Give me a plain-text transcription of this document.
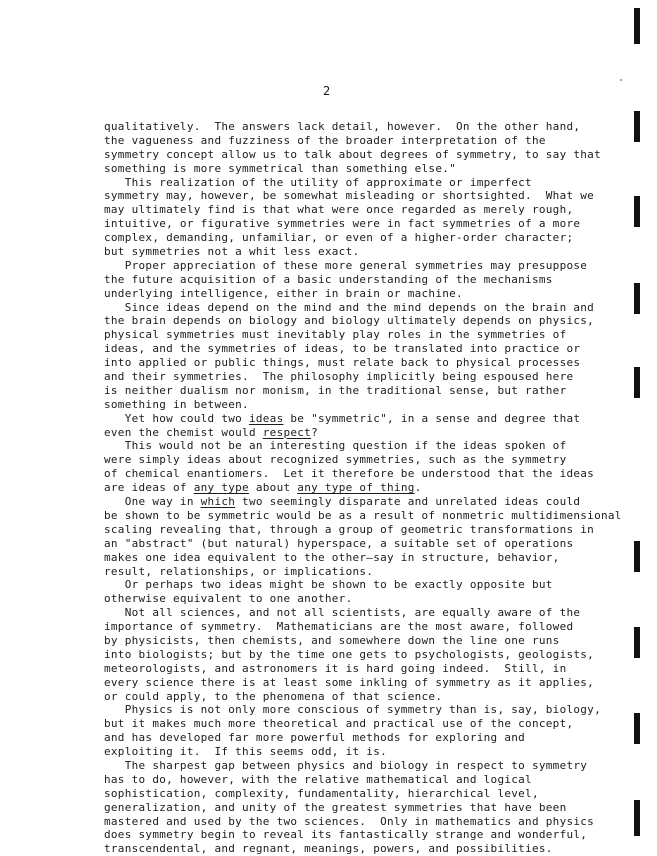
2
qualitatively.  The answers lack detail, however.  On the other hand,
the vagueness and fuzziness of the broader interpretation of the
symmetry concept allow us to talk about degrees of symmetry, to say that
something is more symmetrical than something else."
This realization of the utility of approximate or imperfect
symmetry may, however, be somewhat misleading or shortsighted.  What we
may ultimately find is that what were once regarded as merely rough,
intuitive, or figurative symmetries were in fact symmetries of a more
complex, demanding, unfamiliar, or even of a higher-order character;
but symmetries not a whit less exact.
Proper appreciation of these more general symmetries may presuppose
the future acquisition of a basic understanding of the mechanisms
underlying intelligence, either in brain or machine.
Since ideas depend on the mind and the mind depends on the brain and
the brain depends on biology and biology ultimately depends on physics,
physical symmetries must inevitably play roles in the symmetries of
ideas, and the symmetries of ideas, to be translated into practice or
into applied or public things, must relate back to physical processes
and their symmetries.  The philosophy implicitly being espoused here
is neither dualism nor monism, in the traditional sense, but rather
something in between.
Yet how could two ideas be "symmetric", in a sense and degree that
even the chemist would respect?
This would not be an interesting question if the ideas spoken of
were simply ideas about recognized symmetries, such as the symmetry
of chemical enantiomers.  Let it therefore be understood that the ideas
are ideas of any type about any type of thing.
One way in which two seemingly disparate and unrelated ideas could
be shown to be symmetric would be as a result of nonmetric multidimensional
scaling revealing that, through a group of geometric transformations in
an "abstract" (but natural) hyperspace, a suitable set of operations
makes one idea equivalent to the other—say in structure, behavior,
result, relationships, or implications.
Or perhaps two ideas might be shown to be exactly opposite but
otherwise equivalent to one another.
Not all sciences, and not all scientists, are equally aware of the
importance of symmetry.  Mathematicians are the most aware, followed
by physicists, then chemists, and somewhere down the line one runs
into biologists; but by the time one gets to psychologists, geologists,
meteorologists, and astronomers it is hard going indeed.  Still, in
every science there is at least some inkling of symmetry as it applies,
or could apply, to the phenomena of that science.
Physics is not only more conscious of symmetry than is, say, biology,
but it makes much more theoretical and practical use of the concept,
and has developed far more powerful methods for exploring and
exploiting it.  If this seems odd, it is.
The sharpest gap between physics and biology in respect to symmetry
has to do, however, with the relative mathematical and logical
sophistication, complexity, fundamentality, hierarchical level,
generalization, and unity of the greatest symmetries that have been
mastered and used by the two sciences.  Only in mathematics and physics
does symmetry begin to reveal its fantastically strange and wonderful,
transcendental, and regnant, meanings, powers, and possibilities.
